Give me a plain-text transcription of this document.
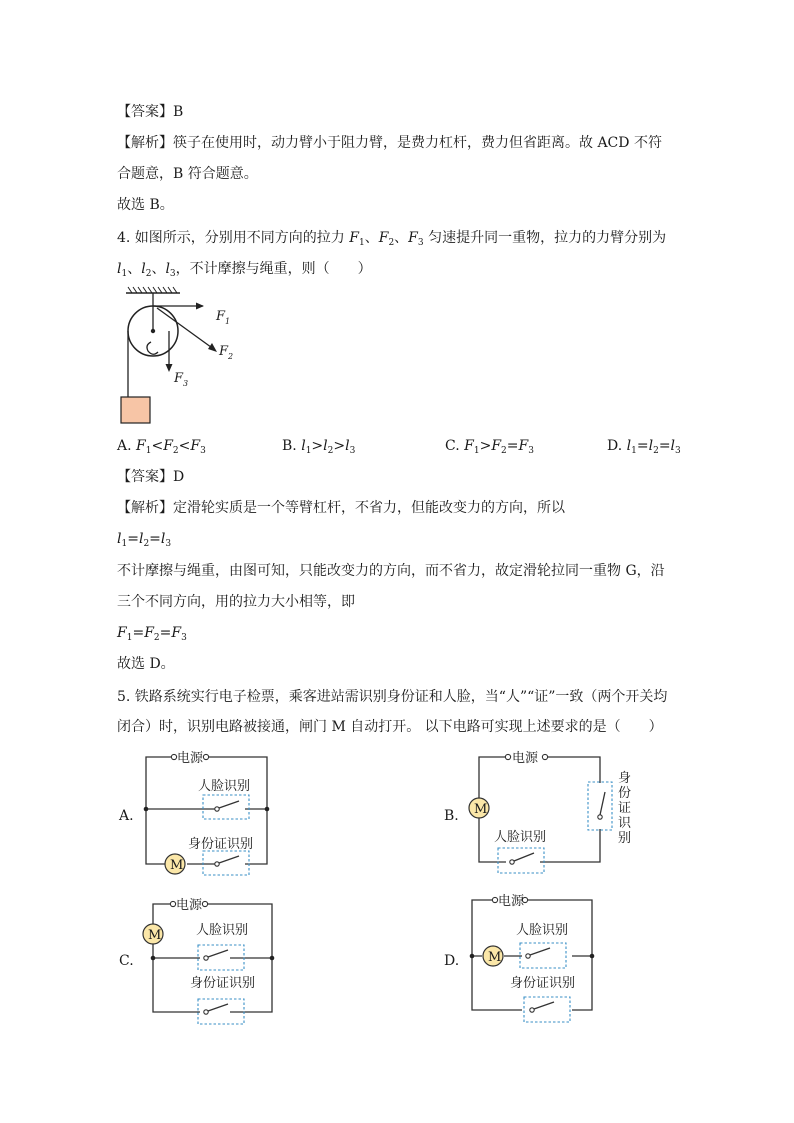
【答案】B
【解析】筷子在使用时，动力臂小于阻力臂，是费力杠杆，费力但省距离。故 ACD 不符
合题意，B 符合题意。
故选 B。
4. 如图所示，分别用不同方向的拉力 $F_1$、$F_2$、$F_3$ 匀速提升同一重物，拉力的力臂分别为
$l_1$、$l_2$、$l_3$，不计摩擦与绳重，则（　　）
$F_1$
$F_2$
$F_3$
A. $F_1<F_2<F_3$	B. $l_1>l_2>l_3$	C. $F_1>F_2=F_3$	D. $l_1=l_2=l_3$
【答案】D
【解析】定滑轮实质是一个等臂杠杆，不省力，但能改变力的方向，所以
$l_1=l_2=l_3$
不计摩擦与绳重，由图可知，只能改变力的方向，而不省力，故定滑轮拉同一重物 G，沿
三个不同方向，用的拉力大小相等，即
$F_1=F_2=F_3$
故选 D。
5. 铁路系统实行电子检票，乘客进站需识别身份证和人脸，当“人”“证”一致（两个开关均
闭合）时，识别电路被接通，闸门 M 自动打开。 以下电路可实现上述要求的是（　　）
A.
电源
人脸识别
身份证识别
M
B.
电源
M
身
份
证
识
别
人脸识别
C.
电源
M	人脸识别
身份证识别
D.
电源
M
人脸识别
身份证识别
